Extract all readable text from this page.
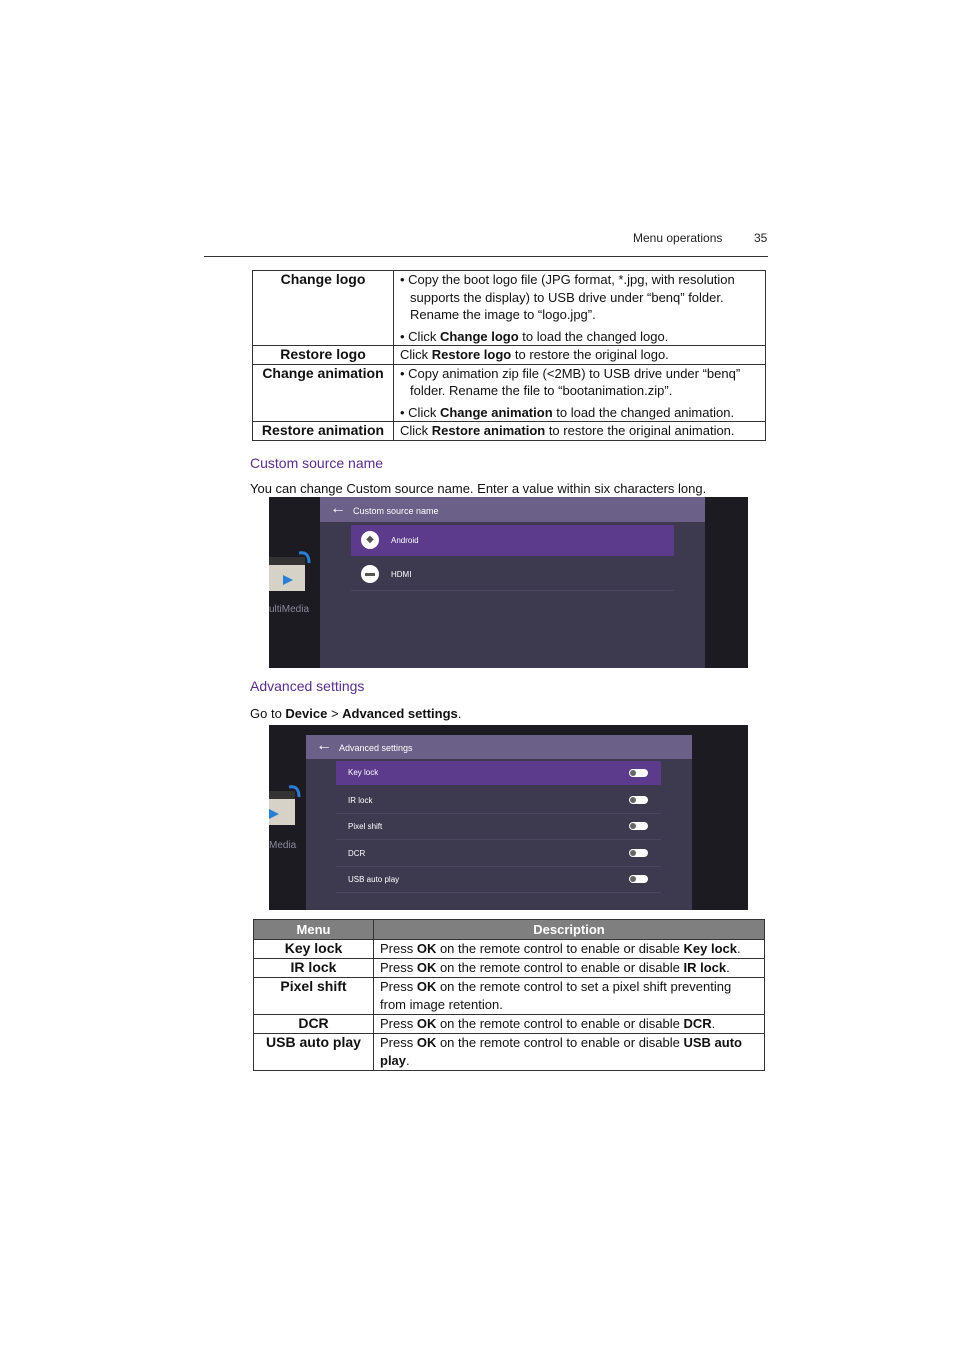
Menu operations	35
Change logo	• Copy the boot logo file (JPG format, *.jpg, with resolution supports the display) to USB drive under “benq” folder. Rename the image to “logo.jpg”.
• Click Change logo to load the changed logo.

Restore logo	Click Restore logo to restore the original logo.
Change animation	• Copy animation zip file (<2MB) to USB drive under “benq” folder. Rename the file to “bootanimation.zip”.
• Click Change animation to load the changed animation.

Restore animation	Click Restore animation to restore the original animation.
Custom source name
You can change Custom source name. Enter a value within six characters long.
ultiMedia
← Custom source name
◆	Android
▬	HDMI
Advanced settings
Go to Device > Advanced settings.
Media
← Advanced settings
Key lock
IR lock
Pixel shift
DCR
USB auto play
Menu	Description
Key lock	Press OK on the remote control to enable or disable Key lock.
IR lock	Press OK on the remote control to enable or disable IR lock.
Pixel shift	Press OK on the remote control to set a pixel shift preventing from image retention.
DCR	Press OK on the remote control to enable or disable DCR.
USB auto play	Press OK on the remote control to enable or disable USB auto play.
